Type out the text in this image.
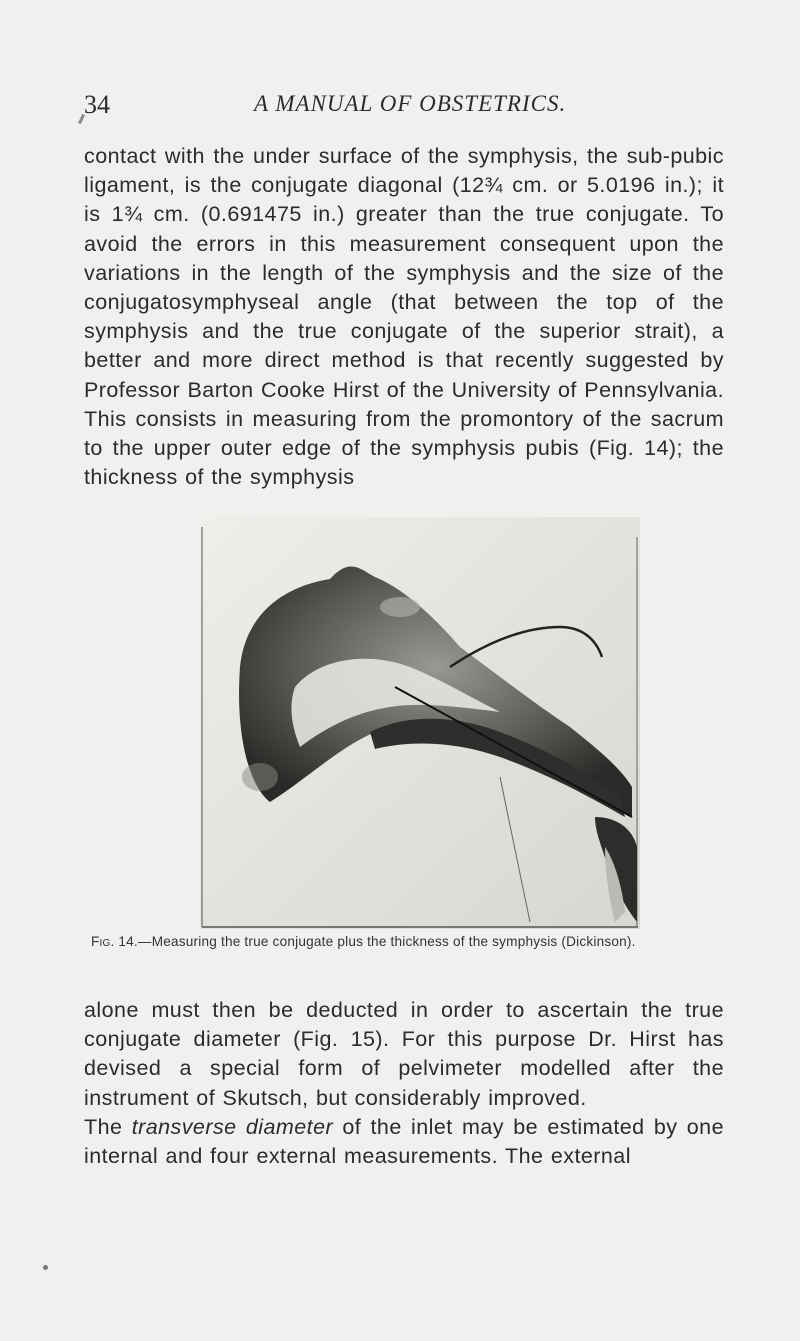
34	A MANUAL OF OBSTETRICS.

contact with the under surface of the symphysis, the sub-pubic ligament, is the conjugate diagonal (12¾ cm. or 5.0196 in.); it is 1¾ cm. (0.691475 in.) greater than the true conjugate. To avoid the errors in this measurement consequent upon the variations in the length of the symphysis and the size of the conjugatosymphyseal angle (that between the top of the symphysis and the true conjugate of the superior strait), a better and more direct method is that recently suggested by Professor Barton Cooke Hirst of the University of Pennsylvania. This consists in measuring from the promontory of the sacrum to the upper outer edge of the symphysis pubis (Fig. 14); the thickness of the symphysis

Fig. 14.—Measuring the true conjugate plus the thickness of the symphysis (Dickinson).
alone must then be deducted in order to ascertain the true conjugate diameter (Fig. 15). For this purpose Dr. Hirst has devised a special form of pelvimeter modelled after the instrument of Skutsch, but considerably improved.
The transverse diameter of the inlet may be estimated by one internal and four external measurements. The external
